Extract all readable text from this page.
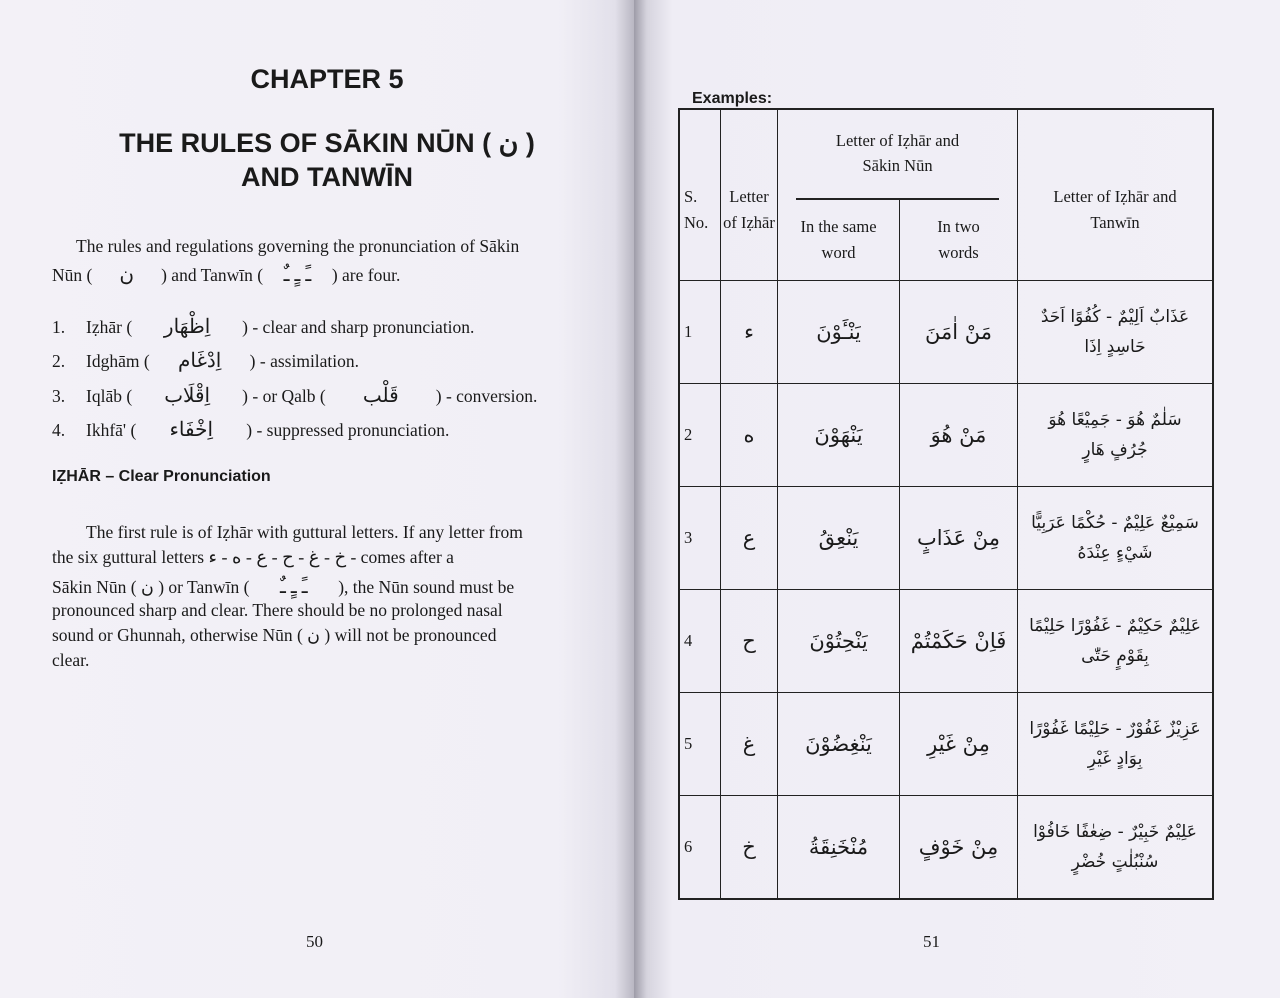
CHAPTER 5
THE RULES OF SĀKIN NŪN ( ن )
AND TANWĪN
The rules and regulations governing the pronunciation of Sākin
Nūn ( ن ) and Tanwīn ( ـً ـٍ ـٌ ) are four.
1. Iẓhār ( اِظْهَار ) - clear and sharp pronunciation.
2. Idghām ( اِدْغَام ) - assimilation.
3. Iqlāb ( اِقْلَاب ) - or Qalb ( قَلْب ) - conversion.
4. Ikhfā' ( اِخْفَاء ) - suppressed pronunciation.
IẒHĀR – Clear Pronunciation
The first rule is of Iẓhār with guttural letters. If any letter from
the six guttural letters خ - غ - ح - ع - ه - ء - comes after a
Sākin Nūn ( ن ) or Tanwīn ( ـً ـٍ ـٌ ), the Nūn sound must be
pronounced sharp and clear. There should be no prolonged nasal
sound or Ghunnah, otherwise Nūn ( ن ) will not be pronounced
clear.
50
Examples:
S. No.	Letter of Iẓhār	Letter of Iẓhār and Sākin Nūn
In the same word
In two words		Letter of Iẓhār and Tanwīn

1	ء	يَنْـَٔوْنَ	مَنْ اٰمَنَ	عَذَابٌ اَلِيْمٌ - كُفُوًا اَحَدٌ
حَاسِدٍ اِذَا

2	ه	يَنْهَوْنَ	مَنْ هُوَ	سَلٰمٌ هُوَ - جَمِيْعًا هُوَ
جُرُفٍ هَارٍ

3	ع	يَنْعِقُ	مِنْ عَذَابٍ	سَمِيْعٌ عَلِيْمٌ - حُكْمًا عَرَبِيًّا
شَيْءٍ عِنْدَهُ

4	ح	يَنْحِتُوْنَ	فَاِنْ حَكَمْتُمْ	عَلِيْمٌ حَكِيْمٌ - غَفُوْرًا حَلِيْمًا
بِقَوْمٍ حَتّٰى

5	غ	يَنْغِضُوْنَ	مِنْ غَيْرِ	عَزِيْزٌ غَفُوْرٌ - حَلِيْمًا غَفُوْرًا
بِوَادٍ غَيْرِ

6	خ	مُنْخَنِقَةُ	مِنْ خَوْفٍ	عَلِيْمٌ خَبِيْرٌ - ضِعٰفًا خَافُوْا
سُنْبُلٰتٍ خُضْرٍ
51
